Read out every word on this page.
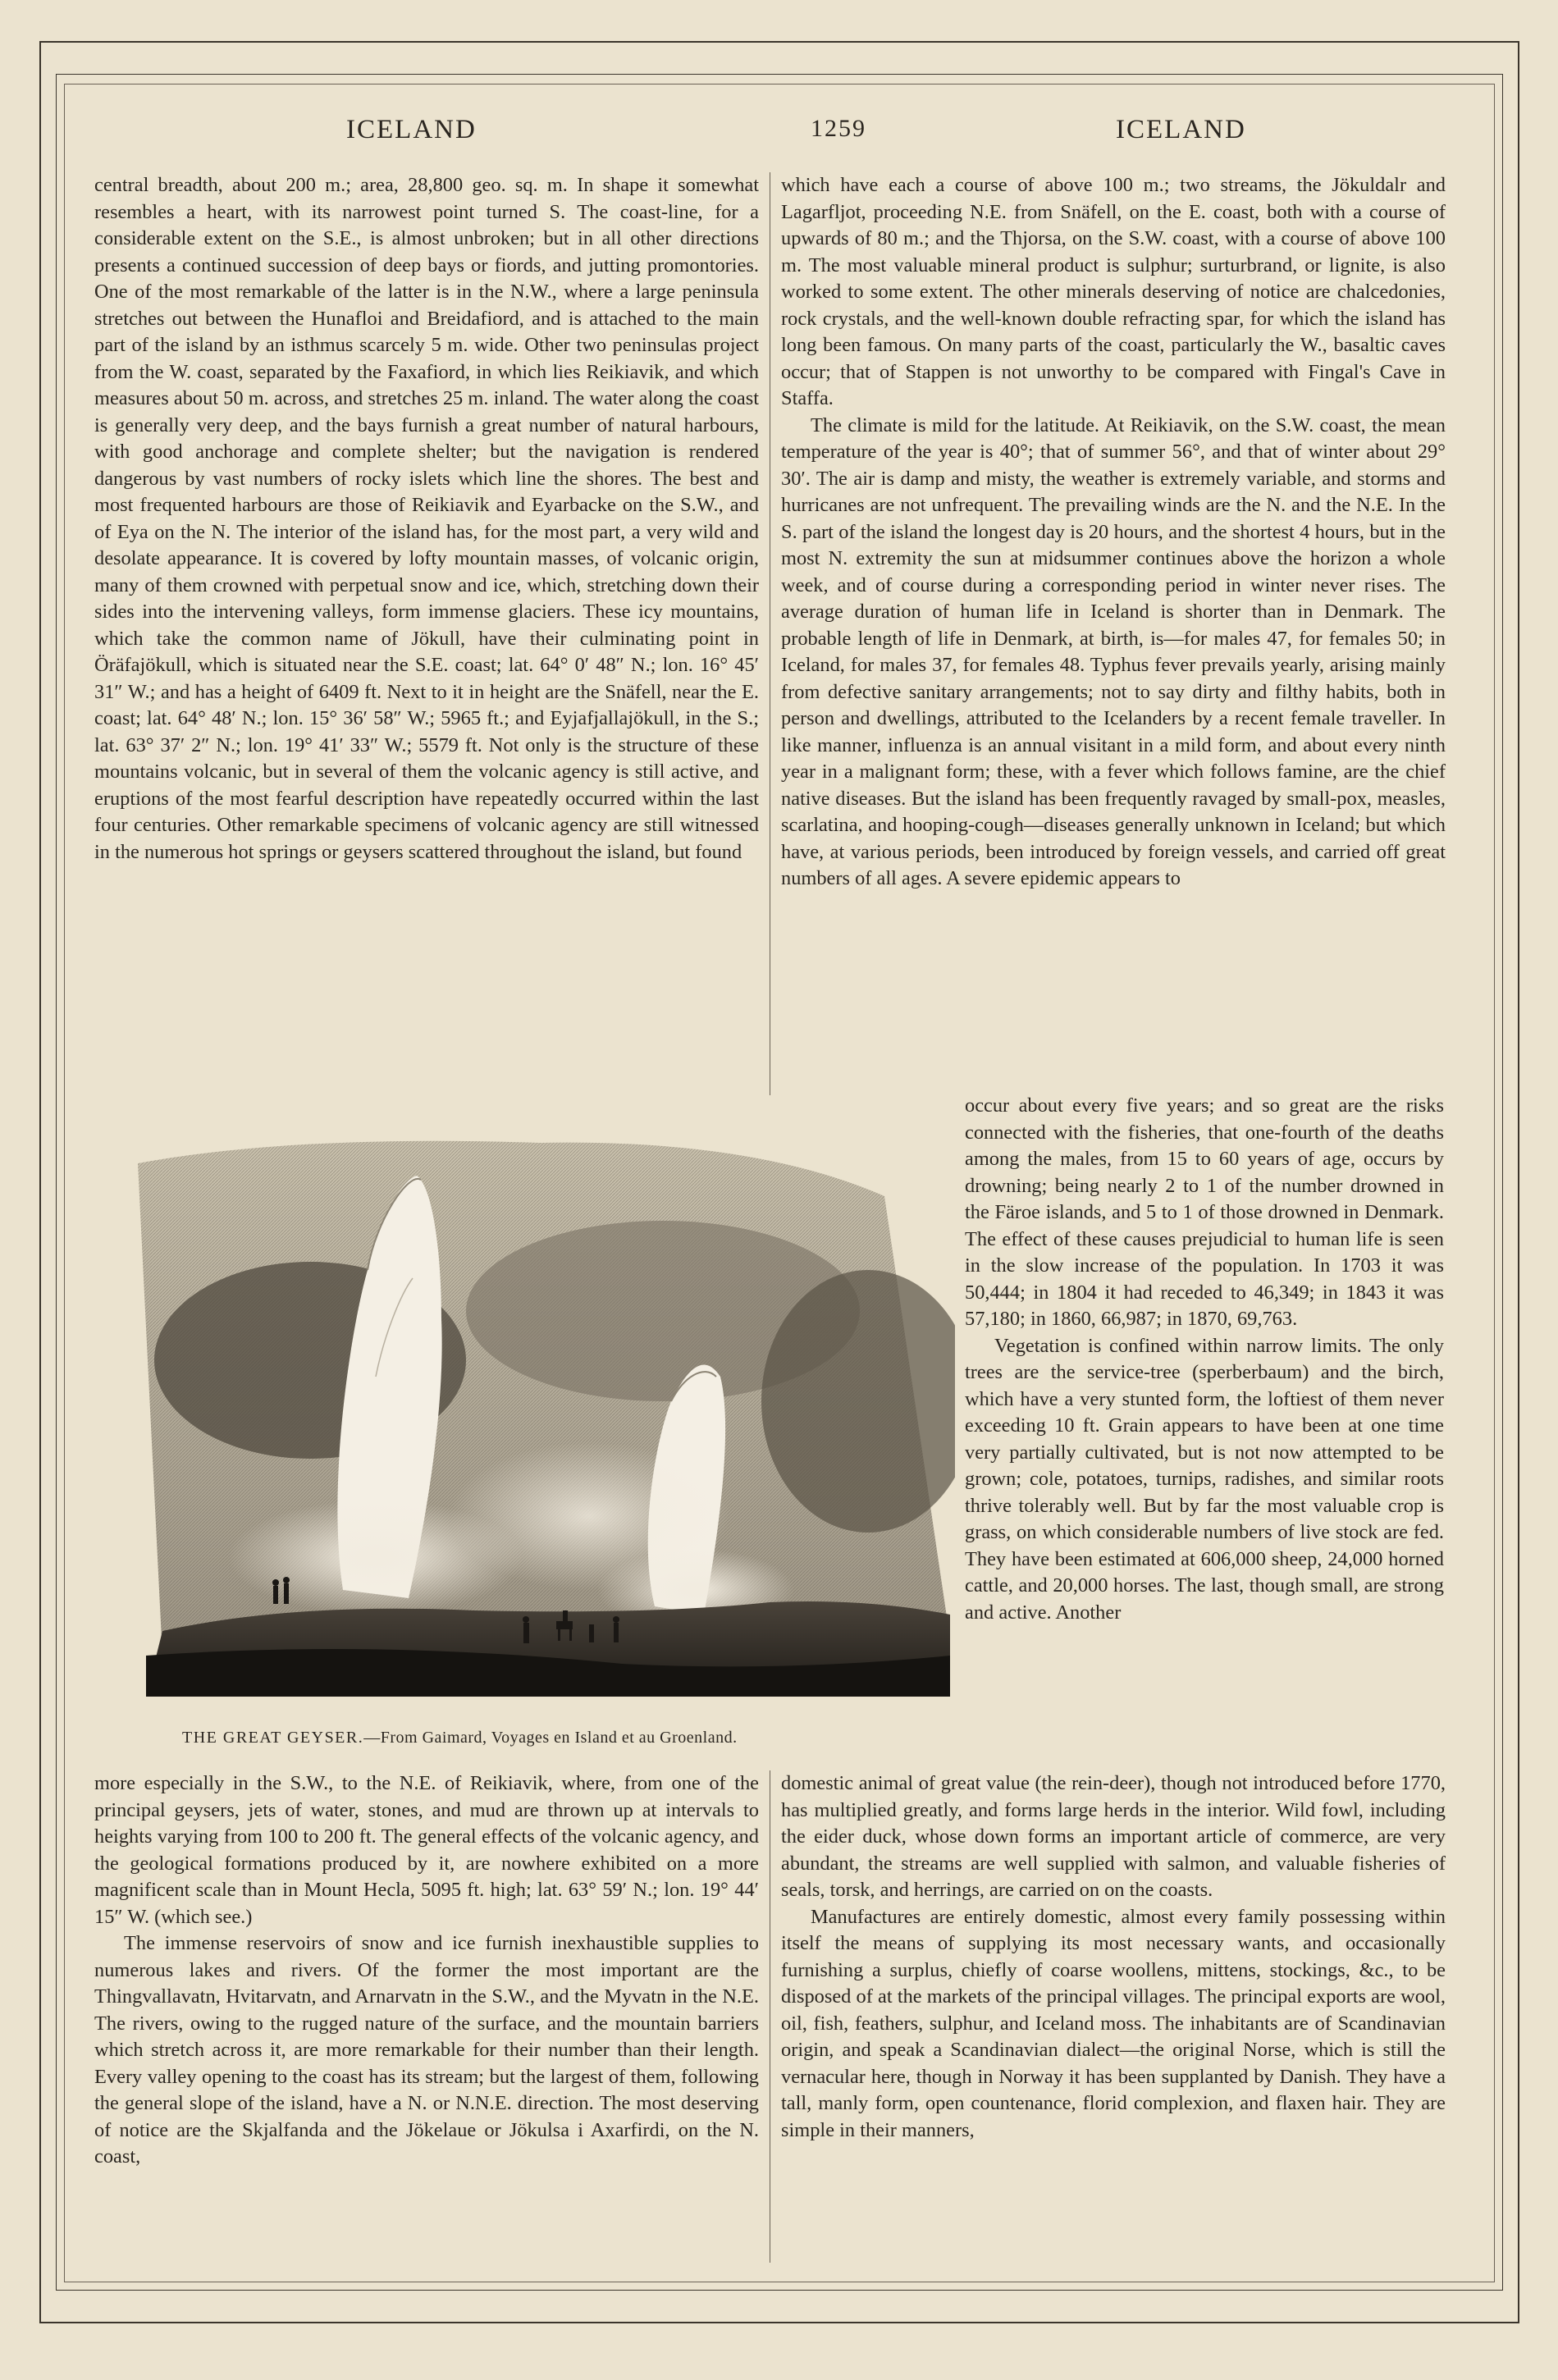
ICELAND	1259	ICELAND

central breadth, about 200 m.; area, 28,800 geo. sq. m. In shape it somewhat resembles a heart, with its narrowest point turned S. The coast-line, for a considerable extent on the S.E., is almost unbroken; but in all other directions presents a continued succession of deep bays or fiords, and jutting promontories. One of the most remarkable of the latter is in the N.W., where a large peninsula stretches out between the Hunafloi and Breidafiord, and is attached to the main part of the island by an isthmus scarcely 5 m. wide. Other two peninsulas project from the W. coast, separated by the Faxafiord, in which lies Reikiavik, and which measures about 50 m. across, and stretches 25 m. inland. The water along the coast is generally very deep, and the bays furnish a great number of natural harbours, with good anchorage and complete shelter; but the navigation is rendered dangerous by vast numbers of rocky islets which line the shores. The best and most frequented harbours are those of Reikiavik and Eyarbacke on the S.W., and of Eya on the N. The interior of the island has, for the most part, a very wild and desolate appearance. It is covered by lofty mountain masses, of volcanic origin, many of them crowned with perpetual snow and ice, which, stretching down their sides into the intervening valleys, form immense glaciers. These icy mountains, which take the common name of Jökull, have their culminating point in Öräfajökull, which is situated near the S.E. coast; lat. 64° 0′ 48″ N.; lon. 16° 45′ 31″ W.; and has a height of 6409 ft. Next to it in height are the Snäfell, near the E. coast; lat. 64° 48′ N.; lon. 15° 36′ 58″ W.; 5965 ft.; and Eyjafjallajökull, in the S.; lat. 63° 37′ 2″ N.; lon. 19° 41′ 33″ W.; 5579 ft. Not only is the structure of these mountains volcanic, but in several of them the volcanic agency is still active, and eruptions of the most fearful description have repeatedly occurred within the last four centuries. Other remarkable specimens of volcanic agency are still witnessed in the numerous hot springs or geysers scattered throughout the island, but found

which have each a course of above 100 m.; two streams, the Jökuldalr and Lagarfljot, proceeding N.E. from Snäfell, on the E. coast, both with a course of upwards of 80 m.; and the Thjorsa, on the S.W. coast, with a course of above 100 m. The most valuable mineral product is sulphur; surturbrand, or lignite, is also worked to some extent. The other minerals deserving of notice are chalcedonies, rock crystals, and the well-known double refracting spar, for which the island has long been famous. On many parts of the coast, particularly the W., basaltic caves occur; that of Stappen is not unworthy to be compared with Fingal's Cave in Staffa.

The climate is mild for the latitude. At Reikiavik, on the S.W. coast, the mean temperature of the year is 40°; that of summer 56°, and that of winter about 29° 30′. The air is damp and misty, the weather is extremely variable, and storms and hurricanes are not unfrequent. The prevailing winds are the N. and the N.E. In the S. part of the island the longest day is 20 hours, and the shortest 4 hours, but in the most N. extremity the sun at midsummer continues above the horizon a whole week, and of course during a corresponding period in winter never rises. The average duration of human life in Iceland is shorter than in Denmark. The probable length of life in Denmark, at birth, is—for males 47, for females 50; in Iceland, for males 37, for females 48. Typhus fever prevails yearly, arising mainly from defective sanitary arrangements; not to say dirty and filthy habits, both in person and dwellings, attributed to the Icelanders by a recent female traveller. In like manner, influenza is an annual visitant in a mild form, and about every ninth year in a malignant form; these, with a fever which follows famine, are the chief native diseases. But the island has been frequently ravaged by small-pox, measles, scarlatina, and hooping-cough—diseases generally unknown in Iceland; but which have, at various periods, been introduced by foreign vessels, and carried off great numbers of all ages. A severe epidemic appears to

occur about every five years; and so great are the risks connected with the fisheries, that one-fourth of the deaths among the males, from 15 to 60 years of age, occurs by drowning; being nearly 2 to 1 of the number drowned in the Färoe islands, and 5 to 1 of those drowned in Denmark. The effect of these causes prejudicial to human life is seen in the slow increase of the population. In 1703 it was 50,444; in 1804 it had receded to 46,349; in 1843 it was 57,180; in 1860, 66,987; in 1870, 69,763.

Vegetation is confined within narrow limits. The only trees are the service-tree (sperberbaum) and the birch, which have a very stunted form, the loftiest of them never exceeding 10 ft. Grain appears to have been at one time very partially cultivated, but is not now attempted to be grown; cole, potatoes, turnips, radishes, and similar roots thrive tolerably well. But by far the most valuable crop is grass, on which considerable numbers of live stock are fed. They have been estimated at 606,000 sheep, 24,000 horned cattle, and 20,000 horses. The last, though small, are strong and active. Another

THE GREAT GEYSER.—From Gaimard, Voyages en Island et au Groenland.

more especially in the S.W., to the N.E. of Reikiavik, where, from one of the principal geysers, jets of water, stones, and mud are thrown up at intervals to heights varying from 100 to 200 ft. The general effects of the volcanic agency, and the geological formations produced by it, are nowhere exhibited on a more magnificent scale than in Mount Hecla, 5095 ft. high; lat. 63° 59′ N.; lon. 19° 44′ 15″ W. (which see.)

The immense reservoirs of snow and ice furnish inexhaustible supplies to numerous lakes and rivers. Of the former the most important are the Thingvallavatn, Hvitarvatn, and Arnarvatn in the S.W., and the Myvatn in the N.E. The rivers, owing to the rugged nature of the surface, and the mountain barriers which stretch across it, are more remarkable for their number than their length. Every valley opening to the coast has its stream; but the largest of them, following the general slope of the island, have a N. or N.N.E. direction. The most deserving of notice are the Skjalfanda and the Jökelaue or Jökulsa i Axarfirdi, on the N. coast,

domestic animal of great value (the rein-deer), though not introduced before 1770, has multiplied greatly, and forms large herds in the interior. Wild fowl, including the eider duck, whose down forms an important article of commerce, are very abundant, the streams are well supplied with salmon, and valuable fisheries of seals, torsk, and herrings, are carried on on the coasts.

Manufactures are entirely domestic, almost every family possessing within itself the means of supplying its most necessary wants, and occasionally furnishing a surplus, chiefly of coarse woollens, mittens, stockings, &c., to be disposed of at the markets of the principal villages. The principal exports are wool, oil, fish, feathers, sulphur, and Iceland moss. The inhabitants are of Scandinavian origin, and speak a Scandinavian dialect—the original Norse, which is still the vernacular here, though in Norway it has been supplanted by Danish. They have a tall, manly form, open countenance, florid complexion, and flaxen hair. They are simple in their manners,
